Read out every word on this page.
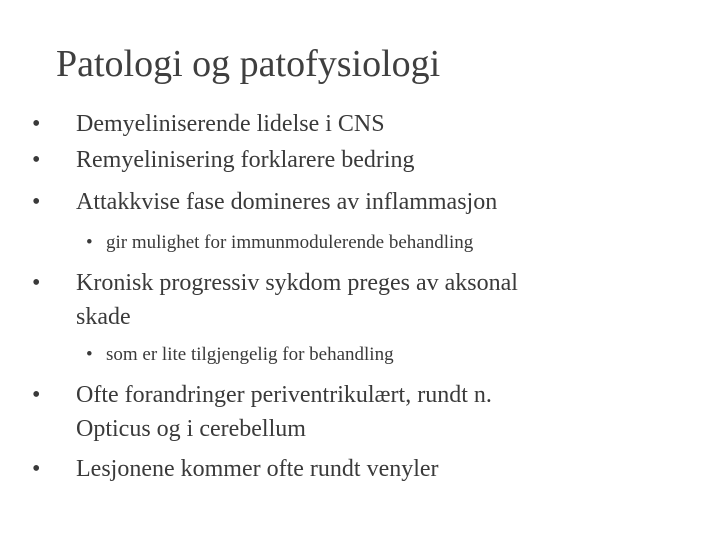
Patologi og patofysiologi
• Demyeliniserende lidelse i CNS
• Remyelinisering forklarere bedring
• Attakkvise fase domineres av inflammasjon
• gir mulighet for immunmodulerende behandling
• Kronisk progressiv sykdom preges av aksonal
skade
• som er lite tilgjengelig for behandling
• Ofte forandringer periventrikulært, rundt n.
Opticus og i cerebellum
• Lesjonene kommer ofte rundt venyler
